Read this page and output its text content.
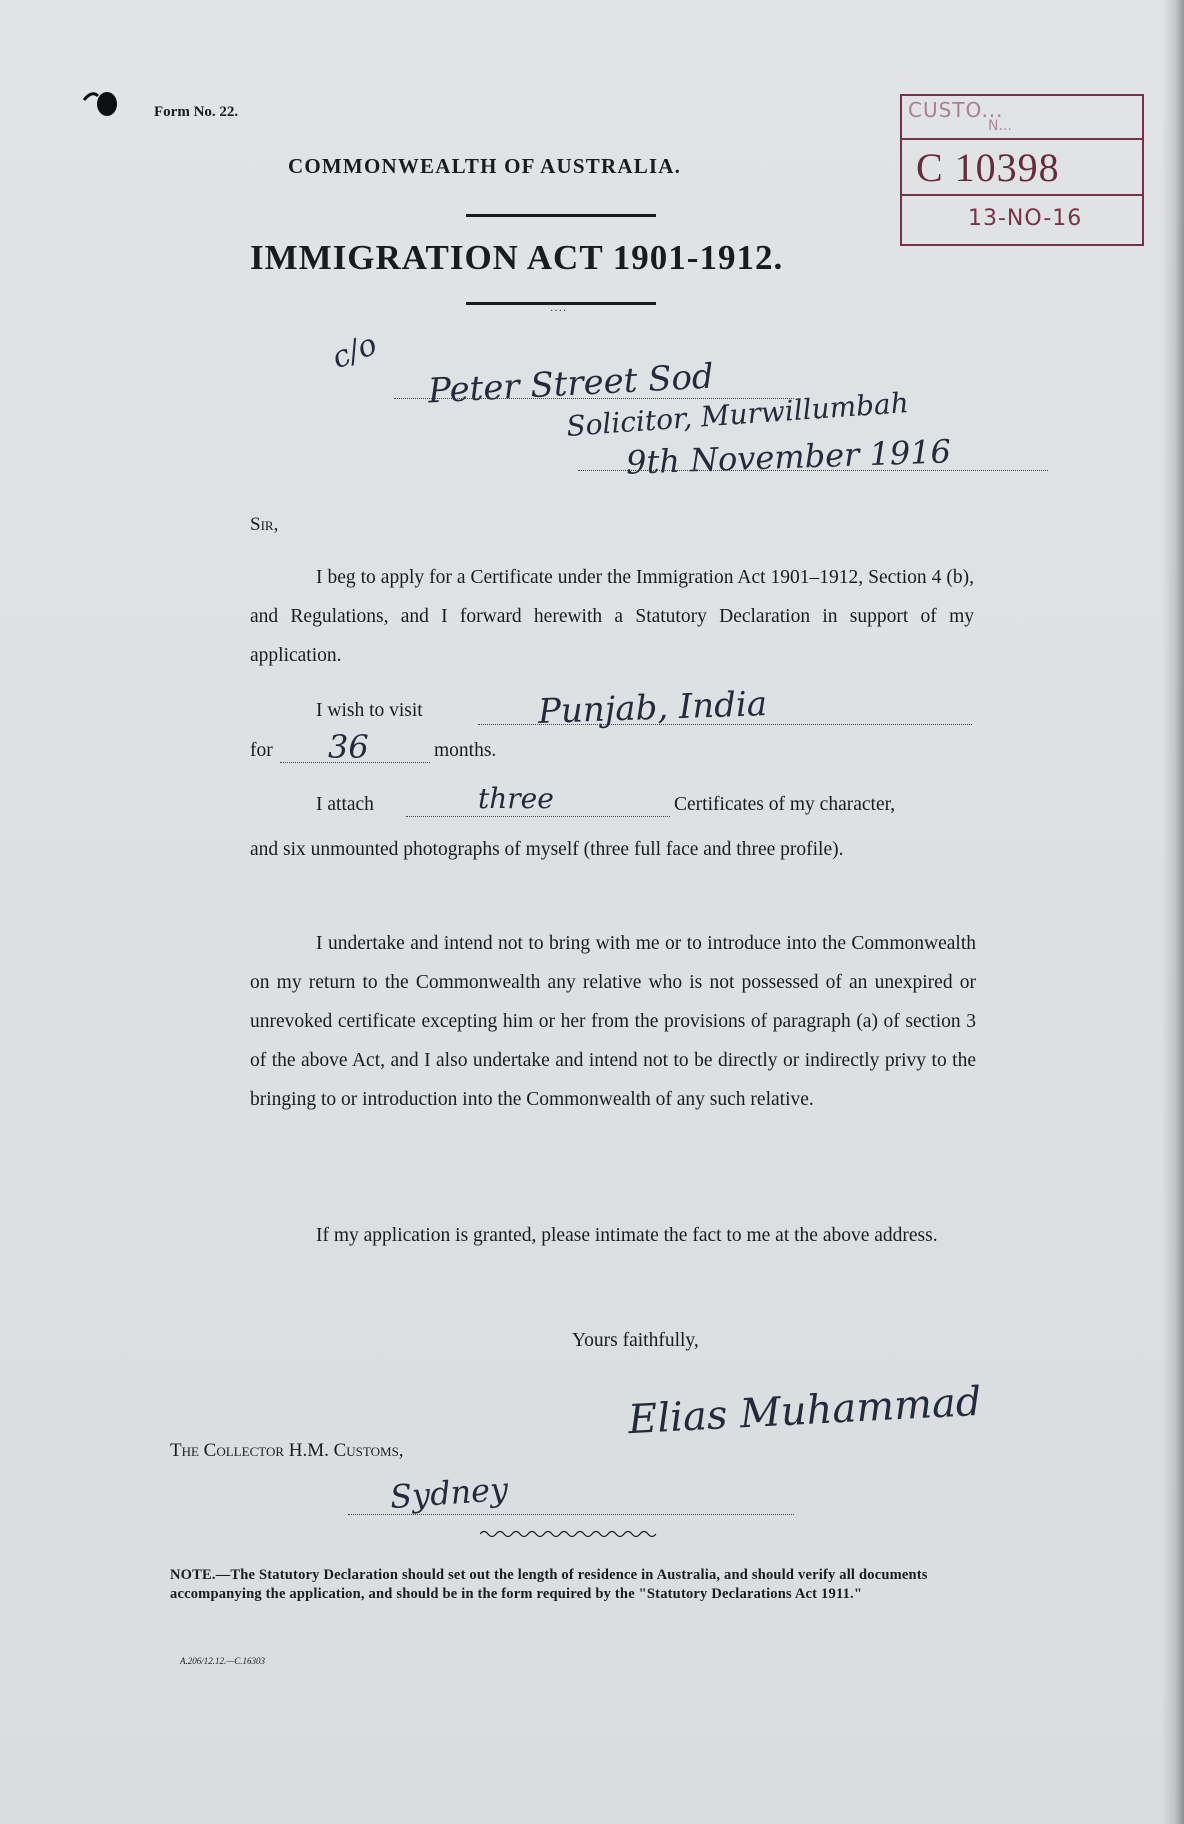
Form No. 22.
COMMONWEALTH OF AUSTRALIA.
IMMIGRATION ACT 1901-1912.
····
CUSTO...
N...
C 10398
13-NO-16
c/o
Peter Street Sod
Solicitor, Murwillumbah
9th November 1916
Sir,
I beg to apply for a Certificate under the Immigration Act 1901–1912, Section 4 (b), and Regulations, and I forward herewith a Statutory Declaration in support of my application.
I wish to visit	Punjab, India
for 36	months.
I attach	three	Certificates of my character,
and six unmounted photographs of myself (three full face and three profile).
I undertake and intend not to bring with me or to introduce into the Commonwealth on my return to the Commonwealth any relative who is not possessed of an unexpired or unrevoked certificate excepting him or her from the provisions of paragraph (a) of section 3 of the above Act, and I also undertake and intend not to be directly or indirectly privy to the bringing to or introduction into the Commonwealth of any such relative.
If my application is granted, please intimate the fact to me at the above address.
Yours faithfully,
Elias Muhammad
The Collector H.M. Customs,
Sydney
NOTE.—The Statutory Declaration should set out the length of residence in Australia, and should verify all documents accompanying the application, and should be in the form required by the "Statutory Declarations Act 1911."
A.206/12.12.—C.16303
